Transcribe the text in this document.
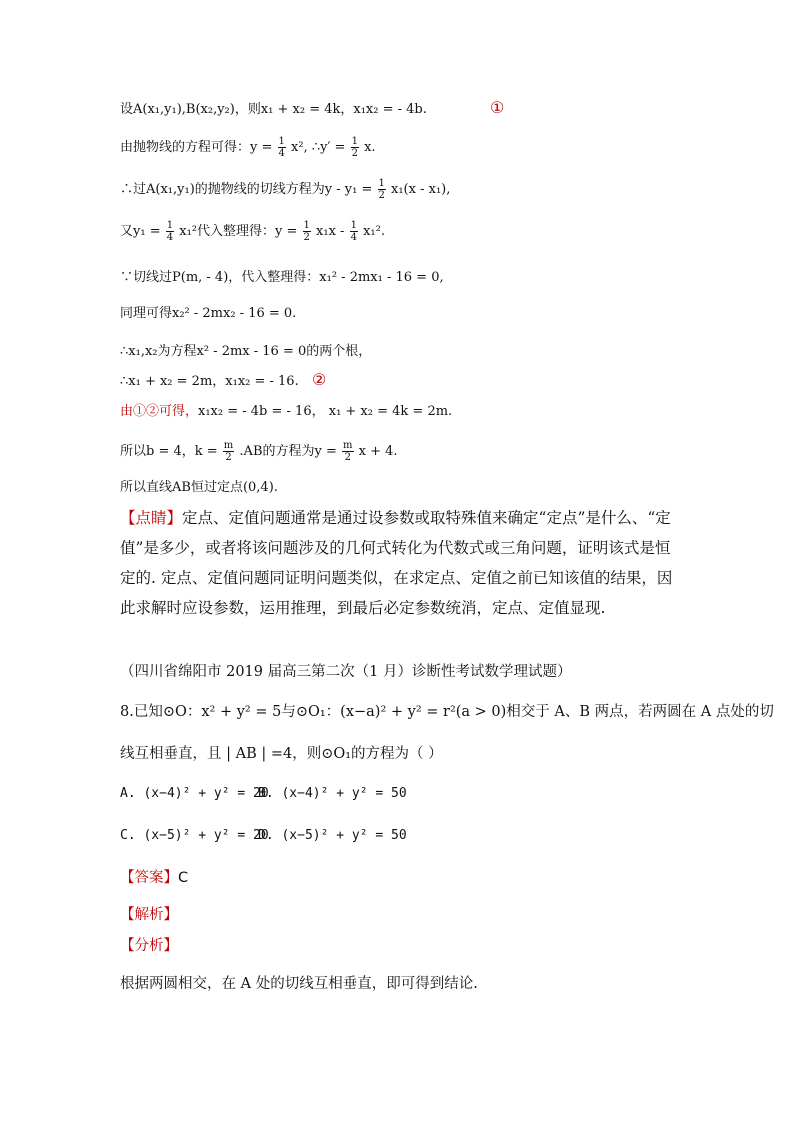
设A(x₁,y₁),B(x₂,y₂)，则x₁ + x₂ = 4k，x₁x₂ = - 4b.	①
由抛物线的方程可得：$y = \frac{1}{4} x^2$, ∴y′ = $\frac{1}{2} x$.
∴过A(x₁,y₁)的抛物线的切线方程为$y - y_1 = \frac{1}{2} x_1(x - x_1)$,
又$y_1 = \frac{1}{4} x_1^2$代入整理得：$y = \frac{1}{2} x_1x - \frac{1}{4} x_1^2$.
∵切线过P(m, - 4)，代入整理得：x₁² - 2mx₁ - 16 = 0,
同理可得x₂² - 2mx₂ - 16 = 0.
∴x₁,x₂为方程x² - 2mx - 16 = 0的两个根，
∴x₁ + x₂ = 2m，x₁x₂ = - 16. ②
由①②可得，x₁x₂ = - 4b = - 16， x₁ + x₂ = 4k = 2m.
所以b = 4，$k = \frac{m}{2} .AB$的方程为$y = \frac{m}{2}$ x + 4.
所以直线AB恒过定点(0,4).
【点睛】定点、定值问题通常是通过设参数或取特殊值来确定“定点”是什么、“定值”是多少，或者将该问题涉及的几何式转化为代数式或三角问题，证明该式是恒定的. 定点、定值问题同证明问题类似，在求定点、定值之前已知该值的结果，因此求解时应设参数，运用推理，到最后必定参数统消，定点、定值显现.
（四川省绵阳市 2019 届高三第二次（1 月）诊断性考试数学理试题）
8.已知⊙O：x² + y² = 5与⊙O₁：(x−a)² + y² = r²(a > 0)相交于 A、B 两点，若两圆在 A 点处的切
线互相垂直，且 | AB | =4，则⊙O₁的方程为（ ）
A. (x−4)² + y² = 20
B. (x−4)² + y² = 50
C. (x−5)² + y² = 20
D. (x−5)² + y² = 50
【答案】C
【解析】
【分析】
根据两圆相交，在 A 处的切线互相垂直，即可得到结论.
